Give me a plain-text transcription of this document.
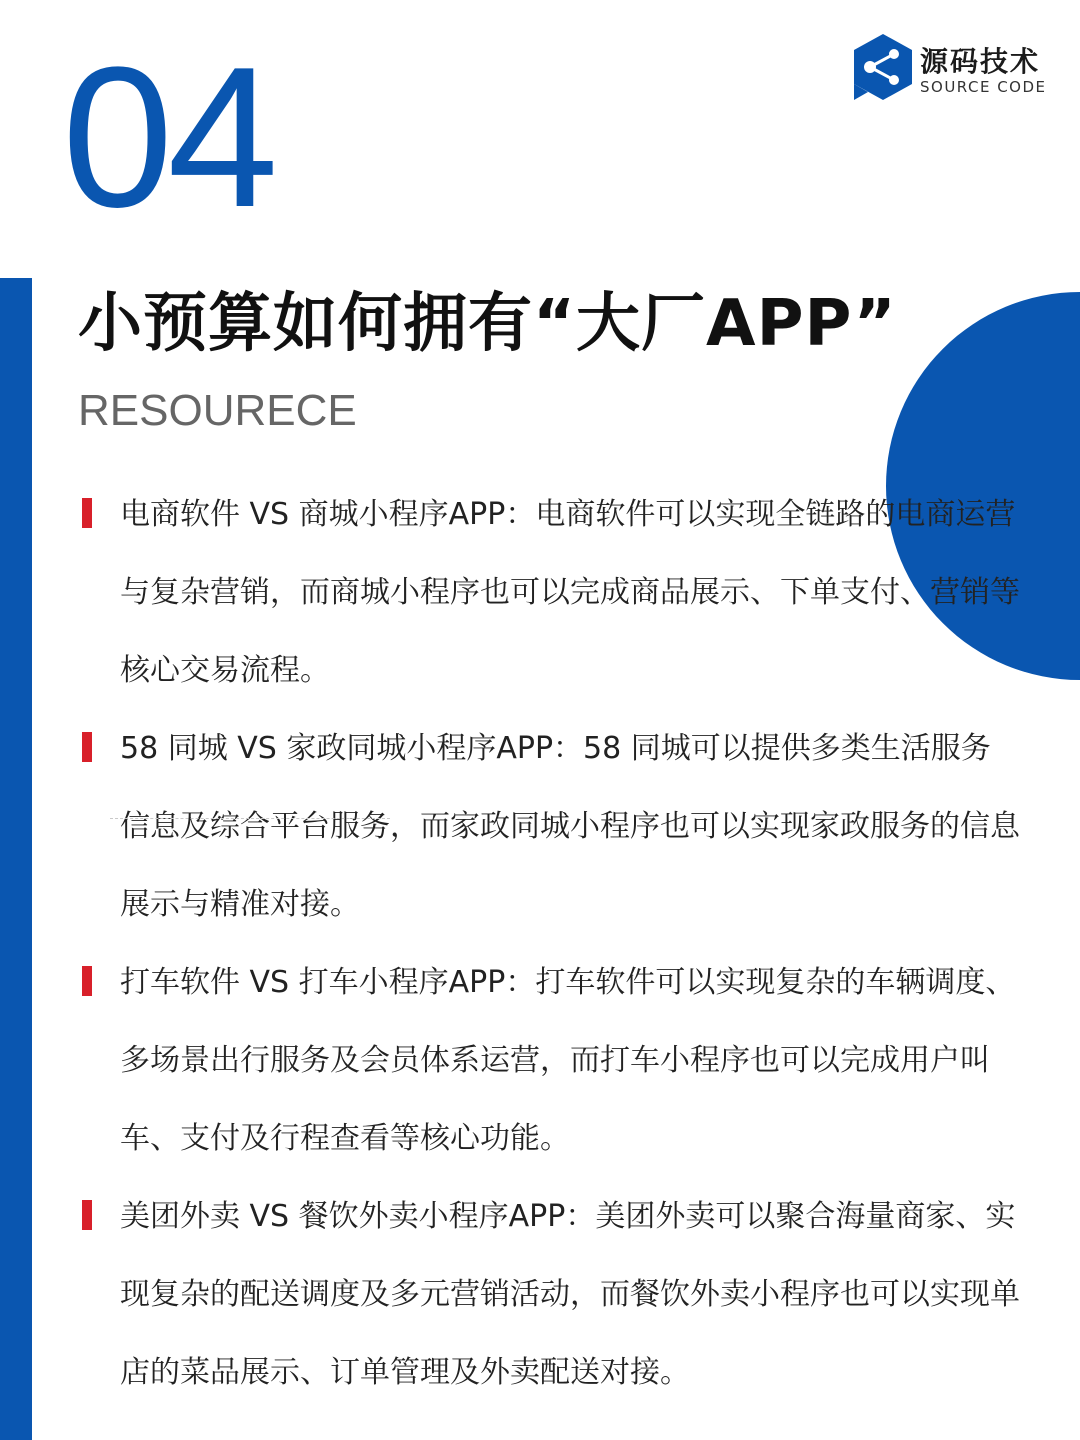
04	源码技术
SOURCE CODE
小预算如何拥有“大厂APP”
RESOURECE

电商软件 VS 商城小程序APP：电商软件可以实现全链路的电商运营与复杂营销，而商城小程序也可以完成商品展示、下单支付、营销等核心交易流程。

58 同城 VS 家政同城小程序APP：58 同城可以提供多类生活服务信息及综合平台服务，而家政同城小程序也可以实现家政服务的信息展示与精准对接。

打车软件 VS 打车小程序APP：打车软件可以实现复杂的车辆调度、多场景出行服务及会员体系运营，而打车小程序也可以完成用户叫车、支付及行程查看等核心功能。

美团外卖 VS 餐饮外卖小程序APP：美团外卖可以聚合海量商家、实现复杂的配送调度及多元营销活动，而餐饮外卖小程序也可以实现单店的菜品展示、订单管理及外卖配送对接。
